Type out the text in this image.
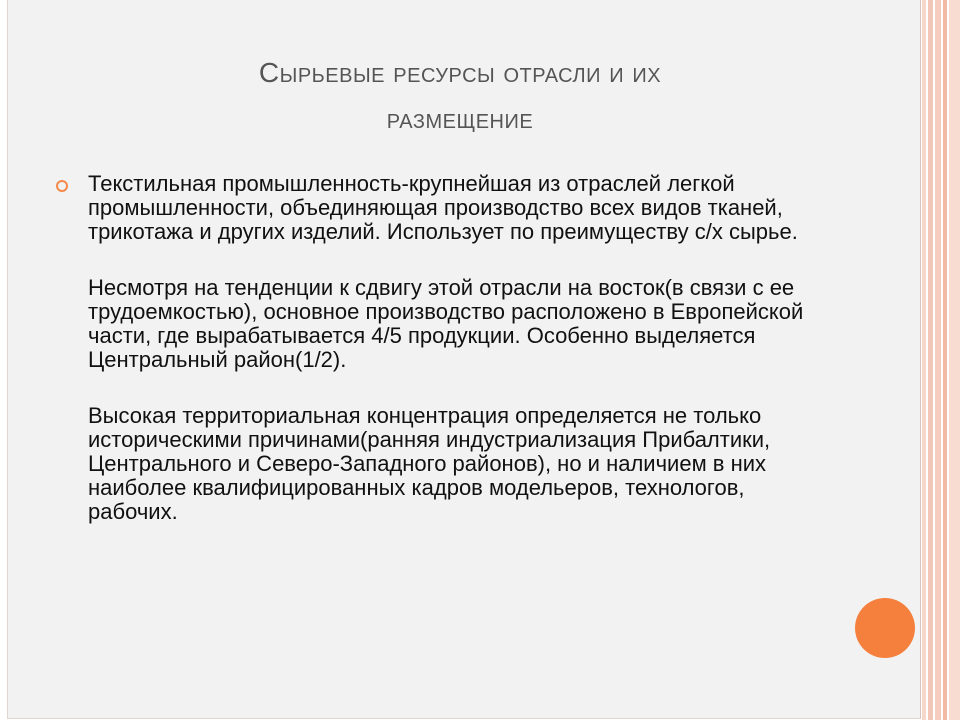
Сырьевые ресурсы отрасли и их
размещение

Текстильная промышленность-крупнейшая из отраслей легкой промышленности, объединяющая производство всех видов тканей, трикотажа и других изделий. Использует по преимуществу с/х сырье.

Несмотря на тенденции к сдвигу этой отрасли на восток(в связи с ее трудоемкостью), основное производство расположено в Европейской части, где вырабатывается 4/5 продукции. Особенно выделяется Центральный район(1/2).

Высокая территориальная концентрация определяется не только историческими причинами(ранняя индустриализация Прибалтики, Центрального и Северо-Западного районов), но и наличием в них наиболее квалифицированных кадров модельеров, технологов, рабочих.
